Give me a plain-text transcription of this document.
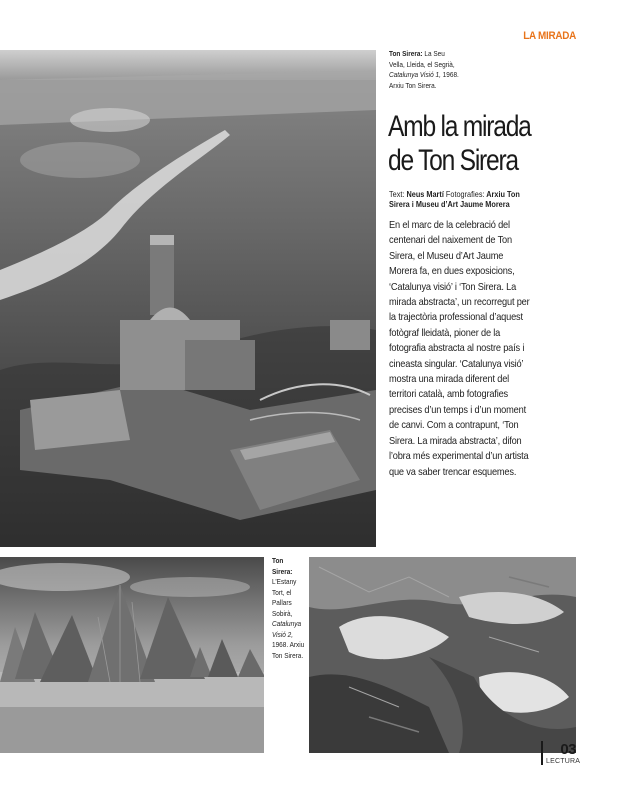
LA MIRADA
Ton Sirera: La Seu Vella, Lleida, el Segrià, Catalunya Visió 1, 1968. Arxiu Ton Sirera.
Amb la mirada
de Ton Sirera
Text: Neus Martí Fotografies: Arxiu Ton Sirera i Museu d’Art Jaume Morera
En el marc de la celebració del centenari del naixement de Ton Sirera, el Museu d’Art Jaume Morera fa, en dues exposicions, ‘Catalunya visió’ i ‘Ton Sirera. La mirada abstracta’, un recorregut per la trajectòria professional d’aquest fotògraf lleidatà, pioner de la fotografia abstracta al nostre país i cineasta singular. ‘Catalunya visió’ mostra una mirada diferent del territori català, amb fotografies precises d’un temps i d’un moment de canvi. Com a contrapunt, ‘Ton Sirera. La mirada abstracta’, difon l’obra més experimental d’un artista que va saber trencar esquemes.
Ton Sirera: L’Estany Tort, el Pallars Sobirà, Catalunya Visió 2, 1968. Arxiu Ton Sirera.
03
LECTURA
